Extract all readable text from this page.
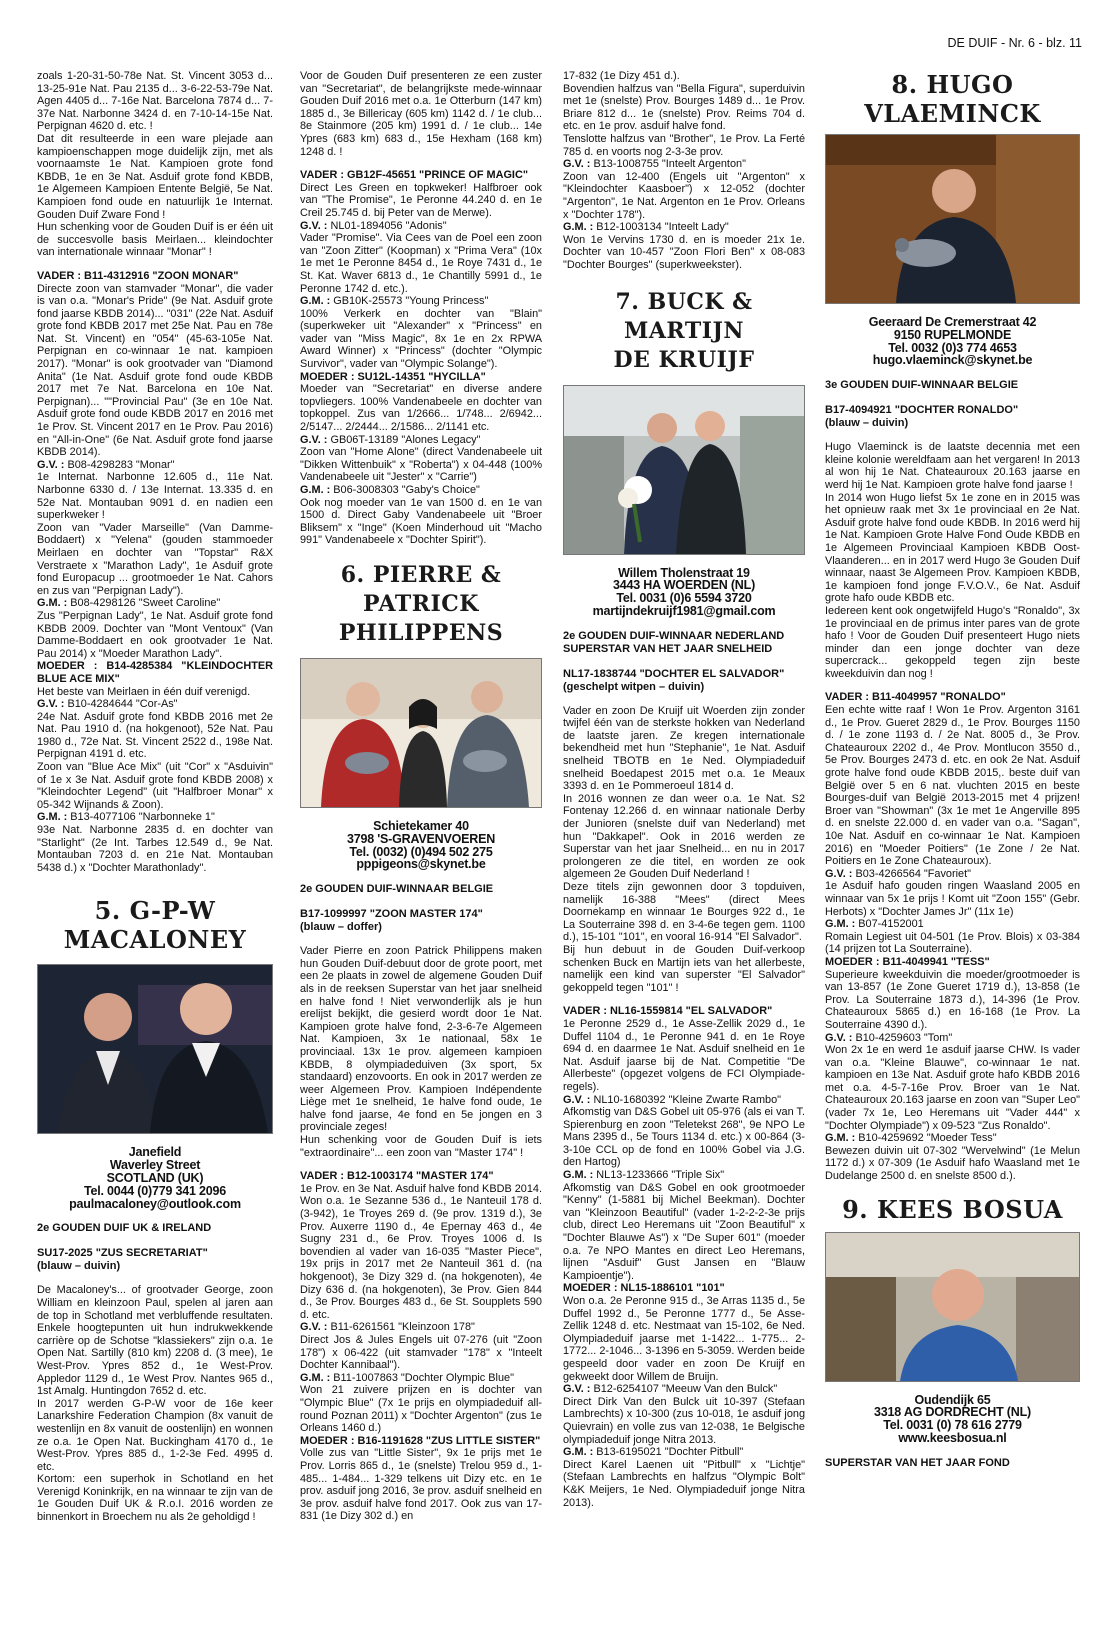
DE DUIF - Nr. 6 - blz. 11

zoals 1-20-31-50-78e Nat. St. Vincent 3053 d... 13-25-91e Nat. Pau 2135 d... 3-6-22-53-79e Nat. Agen 4405 d... 7-16e Nat. Barcelona 7874 d... 7-37e Nat. Narbonne 3424 d. en 7-10-14-15e Nat. Perpignan 4620 d. etc. !

Dat dit resulteerde in een ware plejade aan kampioenschappen moge duidelijk zijn, met als voornaamste 1e Nat. Kampioen grote fond KBDB, 1e en 3e Nat. Asduif grote fond KBDB, 1e Algemeen Kampioen Entente België, 5e Nat. Kampioen fond oude en natuurlijk 1e Internat. Gouden Duif Zware Fond !

Hun schenking voor de Gouden Duif is er één uit de succesvolle basis Meirlaen... kleindochter van internationale winnaar "Monar" !

VADER : B11-4312916 "ZOON MONAR"

Directe zoon van stamvader "Monar", die vader is van o.a. "Monar's Pride" (9e Nat. Asduif grote fond jaarse KBDB 2014)... "031" (22e Nat. Asduif grote fond KBDB 2017 met 25e Nat. Pau en 78e Nat. St. Vincent) en "054" (45-63-105e Nat. Perpignan en co-winnaar 1e nat. kampioen 2017). "Monar" is ook grootvader van "Diamond Anita" (1e Nat. Asduif grote fond oude KBDB 2017 met 7e Nat. Barcelona en 10e Nat. Perpignan)... ""Provincial Pau" (3e en 10e Nat. Asduif grote fond oude KBDB 2017 en 2016 met 1e Prov. St. Vincent 2017 en 1e Prov. Pau 2016) en "All-in-One" (6e Nat. Asduif grote fond jaarse KBDB 2014).

G.V. : B08-4298283 "Monar"

1e Internat. Narbonne 12.605 d., 11e Nat. Narbonne 6330 d. / 13e Internat. 13.335 d. en 52e Nat. Montauban 9091 d. en nadien een superkweker !

Zoon van "Vader Marseille" (Van Damme-Boddaert) x "Yelena" (gouden stammoeder Meirlaen en dochter van "Topstar" R&X Verstraete x "Marathon Lady", 1e Asduif grote fond Europacup ... grootmoeder 1e Nat. Cahors en zus van "Perpignan Lady").

G.M. : B08-4298126 "Sweet Caroline"

Zus "Perpignan Lady", 1e Nat. Asduif grote fond KBDB 2009. Dochter van "Mont Ventoux" (Van Damme-Boddaert en ook grootvader 1e Nat. Pau 2014) x "Moeder Marathon Lady".

MOEDER : B14-4285384 "KLEINDOCHTER BLUE ACE MIX"

Het beste van Meirlaen in één duif verenigd.

G.V. : B10-4284644 "Cor-As"

24e Nat. Asduif grote fond KBDB 2016 met 2e Nat. Pau 1910 d. (na hokgenoot), 52e Nat. Pau 1980 d., 72e Nat. St. Vincent 2522 d., 198e Nat. Perpignan 4191 d. etc.

Zoon van "Blue Ace Mix" (uit "Cor" x "Asduivin" of 1e x 3e Nat. Asduif grote fond KBDB 2008) x "Kleindochter Legend" (uit "Halfbroer Monar" x 05-342 Wijnands & Zoon).

G.M. : B13-4077106 "Narbonneke 1"

93e Nat. Narbonne 2835 d. en dochter van "Starlight" (2e Int. Tarbes 12.549 d., 9e Nat. Montauban 7203 d. en 21e Nat. Montauban 5438 d.) x "Dochter Marathonlady".

5. G-P-W
MACALONEY

Janefield
Waverley Street
SCOTLAND (UK)
Tel. 0044 (0)779 341 2096
paulmacaloney@outlook.com

2e GOUDEN DUIF UK & IRELAND

SU17-2025 "ZUS SECRETARIAT"

(blauw – duivin)

De Macaloney's... of grootvader George, zoon William en kleinzoon Paul, spelen al jaren aan de top in Schotland met verbluffende resultaten. Enkele hoogtepunten uit hun indrukwekkende carrière op de Schotse "klassiekers" zijn o.a. 1e Open Nat. Sartilly (810 km) 2208 d. (3 mee), 1e West-Prov. Ypres 852 d., 1e West-Prov. Appledor 1129 d., 1e West Prov. Nantes 965 d., 1st Amalg. Huntingdon 7652 d. etc.

In 2017 werden G-P-W voor de 16e keer Lanarkshire Federation Champion (8x vanuit de westenlijn en 8x vanuit de oostenlijn) en wonnen ze o.a. 1e Open Nat. Buckingham 4170 d., 1e West-Prov. Ypres 885 d., 1-2-3e Fed. 4995 d. etc.

Kortom: een superhok in Schotland en het Verenigd Koninkrijk, en na winnaar te zijn van de 1e Gouden Duif UK & R.o.I. 2016 worden ze binnenkort in Broechem nu als 2e geholdigd !

Voor de Gouden Duif presenteren ze een zuster van "Secretariat", de belangrijkste mede-winnaar Gouden Duif 2016 met o.a. 1e Otterburn (147 km) 1885 d., 3e Billericay (605 km) 1142 d. / 1e club... 8e Stainmore (205 km) 1991 d. / 1e club... 14e Ypres (683 km) 683 d., 15e Hexham (168 km) 1248 d. !

VADER : GB12F-45651 "PRINCE OF MAGIC"

Direct Les Green en topkweker! Halfbroer ook van "The Promise", 1e Peronne 44.240 d. en 1e Creil 25.745 d. bij Peter van de Merwe).

G.V. : NL01-1894056 "Adonis"

Vader "Promise". Via Cees van de Poel een zoon van "Zoon Zitter" (Koopman) x "Prima Vera" (10x 1e met 1e Peronne 8454 d., 1e Roye 7431 d., 1e St. Kat. Waver 6813 d., 1e Chantilly 5991 d., 1e Peronne 1742 d. etc.).

G.M. : GB10K-25573 "Young Princess"

100% Verkerk en dochter van "Blain" (superkweker uit "Alexander" x "Princess" en vader van "Miss Magic", 8x 1e en 2x RPWA Award Winner) x "Princess" (dochter "Olympic Survivor", vader van "Olympic Solange").

MOEDER : SU12L-14351 "HYCILLA"

Moeder van "Secretariat" en diverse andere topvliegers. 100% Vandenabeele en dochter van topkoppel. Zus van 1/2666... 1/748... 2/6942... 2/5147... 2/2444... 2/1586... 2/1141 etc.

G.V. : GB06T-13189 "Alones Legacy"

Zoon van "Home Alone" (direct Vandenabeele uit "Dikken Wittenbuik" x "Roberta") x 04-448 (100% Vandenabeele uit "Jester" x "Carrie")

G.M. : B06-3008303 "Gaby's Choice"

Ook nog moeder van 1e van 1500 d. en 1e van 1500 d. Direct Gaby Vandenabeele uit "Broer Bliksem" x "Inge" (Koen Minderhoud uit "Macho 991" Vandenabeele x "Dochter Spirit").

6. PIERRE & PATRICK
PHILIPPENS

Schietekamer 40
3798 'S-GRAVENVOEREN
Tel. (0032) (0)494 502 275
pppigeons@skynet.be

2e GOUDEN DUIF-WINNAAR BELGIE

B17-1099997 "ZOON MASTER 174"

(blauw – doffer)

Vader Pierre en zoon Patrick Philippens maken hun Gouden Duif-debuut door de grote poort, met een 2e plaats in zowel de algemene Gouden Duif als in de reeksen Superstar van het jaar snelheid en halve fond ! Niet verwonderlijk als je hun erelijst bekijkt, die gesierd wordt door 1e Nat. Kampioen grote halve fond, 2-3-6-7e Algemeen Nat. Kampioen, 3x 1e nationaal, 58x 1e provinciaal. 13x 1e prov. algemeen kampioen KBDB, 8 olympiadeduiven (3x sport, 5x standaard) enzovoorts. En ook in 2017 werden ze weer Algemeen Prov. Kampioen Indépendente Liège met 1e snelheid, 1e halve fond oude, 1e halve fond jaarse, 4e fond en 5e jongen en 3 provinciale zeges!

Hun schenking voor de Gouden Duif is iets "extraordinaire"... een zoon van "Master 174" !

VADER : B12-1003174 "MASTER 174"

1e Prov. en 3e Nat. Asduif halve fond KBDB 2014. Won o.a. 1e Sezanne 536 d., 1e Nanteuil 178 d. (3-942), 1e Troyes 269 d. (9e prov. 1319 d.), 3e Prov. Auxerre 1190 d., 4e Epernay 463 d., 4e Sugny 231 d., 6e Prov. Troyes 1006 d. Is bovendien al vader van 16-035 "Master Piece", 19x prijs in 2017 met 2e Nanteuil 361 d. (na hokgenoot), 3e Dizy 329 d. (na hokgenoten), 4e Dizy 636 d. (na hokgenoten), 3e Prov. Gien 844 d., 3e Prov. Bourges 483 d., 6e St. Soupplets 590 d. etc.

G.V. : B11-6261561 "Kleinzoon 178"

Direct Jos & Jules Engels uit 07-276 (uit "Zoon 178") x 06-422 (uit stamvader "178" x "Inteelt Dochter Kannibaal").

G.M. : B11-1007863 "Dochter Olympic Blue"

Won 21 zuivere prijzen en is dochter van "Olympic Blue" (7x 1e prijs en olympiadeduif all-round Poznan 2011) x "Dochter Argenton" (zus 1e Orleans 1460 d.)

MOEDER : B16-1191628 "ZUS LITTLE SISTER"

Volle zus van "Little Sister", 9x 1e prijs met 1e Prov. Lorris 865 d., 1e (snelste) Trelou 959 d., 1-485... 1-484... 1-329 telkens uit Dizy etc. en 1e prov. asduif jong 2016, 3e prov. asduif snelheid en 3e prov. asduif halve fond 2017. Ook zus van 17-831 (1e Dizy 302 d.) en

17-832 (1e Dizy 451 d.).

Bovendien halfzus van "Bella Figura", superduivin met 1e (snelste) Prov. Bourges 1489 d... 1e Prov. Briare 812 d... 1e (snelste) Prov. Reims 704 d. etc. en 1e prov. asduif halve fond.

Tenslotte halfzus van "Brother", 1e Prov. La Ferté 785 d. en voorts nog 2-3-3e prov.

G.V. : B13-1008755 "Inteelt Argenton"

Zoon van 12-400 (Engels uit "Argenton" x "Kleindochter Kaasboer") x 12-052 (dochter "Argenton", 1e Nat. Argenton en 1e Prov. Orleans x "Dochter 178").

G.M. : B12-1003134 "Inteelt Lady"

Won 1e Vervins 1730 d. en is moeder 21x 1e. Dochter van 10-457 "Zoon Flori Ben" x 08-083 "Dochter Bourges" (superkweekster).

7. BUCK & MARTIJN
DE KRUIJF

Willem Tholenstraat 19
3443 HA WOERDEN (NL)
Tel. 0031 (0)6 5594 3720
martijndekruijf1981@gmail.com

2e GOUDEN DUIF-WINNAAR NEDERLAND
SUPERSTAR VAN HET JAAR SNELHEID

NL17-1838744 "DOCHTER EL SALVADOR"

(geschelpt witpen – duivin)

Vader en zoon De Kruijf uit Woerden zijn zonder twijfel één van de sterkste hokken van Nederland de laatste jaren. Ze kregen internationale bekendheid met hun "Stephanie", 1e Nat. Asduif snelheid TBOTB en 1e Ned. Olympiadeduif snelheid Boedapest 2015 met o.a. 1e Meaux 3393 d. en 1e Pommeroeul 1814 d.

In 2016 wonnen ze dan weer o.a. 1e Nat. S2 Fontenay 12.266 d. en winnaar nationale Derby der Junioren (snelste duif van Nederland) met hun "Dakkapel". Ook in 2016 werden ze Superstar van het jaar Snelheid... en nu in 2017 prolongeren ze die titel, en worden ze ook algemeen 2e Gouden Duif Nederland !

Deze titels zijn gewonnen door 3 topduiven, namelijk 16-388 "Mees" (direct Mees Doornekamp en winnaar 1e Bourges 922 d., 1e La Souterraine 398 d. en 3-4-6e tegen gem. 1100 d.), 15-101 "101", en vooral 16-914 "El Salvador".

Bij hun debuut in de Gouden Duif-verkoop schenken Buck en Martijn iets van het allerbeste, namelijk een kind van superster "El Salvador" gekoppeld tegen "101" !

VADER : NL16-1559814 "EL SALVADOR"

1e Peronne 2529 d., 1e Asse-Zellik 2029 d., 1e Duffel 1104 d., 1e Peronne 941 d. en 1e Roye 694 d. en daarmee 1e Nat. Asduif snelheid en 1e Nat. Asduif jaarse bij de Nat. Competitie "De Allerbeste" (opgezet volgens de FCI Olympiade-regels).

G.V. : NL10-1680392 "Kleine Zwarte Rambo"

Afkomstig van D&S Gobel uit 05-976 (als ei van T. Spierenburg en zoon "Teletekst 268", 9e NPO Le Mans 2395 d., 5e Tours 1134 d. etc.) x 00-864 (3-3-10e CCL op de fond en 100% Gobel via J.G. den Hartog)

G.M. : NL13-1233666 "Triple Six"

Afkomstig van D&S Gobel en ook grootmoeder "Kenny" (1-5881 bij Michel Beekman). Dochter van "Kleinzoon Beautiful" (vader 1-2-2-2-3e prijs club, direct Leo Heremans uit "Zoon Beautiful" x "Dochter Blauwe As") x "De Super 601" (moeder o.a. 7e NPO Mantes en direct Leo Heremans, lijnen "Asduif" Gust Jansen en "Blauw Kampioentje").

MOEDER : NL15-1886101 "101"

Won o.a. 2e Peronne 915 d., 3e Arras 1135 d., 5e Duffel 1992 d., 5e Peronne 1777 d., 5e Asse-Zellik 1248 d. etc. Nestmaat van 15-102, 6e Ned. Olympiadeduif jaarse met 1-1422... 1-775... 2-1772... 2-1046... 3-1396 en 5-3059. Werden beide gespeeld door vader en zoon De Kruijf en gekweekt door Willem de Bruijn.

G.V. : B12-6254107 "Meeuw Van den Bulck"

Direct Dirk Van den Bulck uit 10-397 (Stefaan Lambrechts) x 10-300 (zus 10-018, 1e asduif jong Quievrain) en volle zus van 12-038, 1e Belgische olympiadeduif jonge Nitra 2013.

G.M. : B13-6195021 "Dochter Pitbull"

Direct Karel Laenen uit "Pitbull" x "Lichtje" (Stefaan Lambrechts en halfzus "Olympic Bolt" K&K Meijers, 1e Ned. Olympiadeduif jonge Nitra 2013).

8. HUGO
VLAEMINCK

Geeraard De Cremerstraat 42
9150 RUPELMONDE
Tel. 0032 (0)3 774 4653
hugo.vlaeminck@skynet.be

3e GOUDEN DUIF-WINNAAR BELGIE

B17-4094921 "DOCHTER RONALDO"

(blauw – duivin)

Hugo Vlaeminck is de laatste decennia met een kleine kolonie wereldfaam aan het vergaren! In 2013 al won hij 1e Nat. Chateauroux 20.163 jaarse en werd hij 1e Nat. Kampioen grote halve fond jaarse !

In 2014 won Hugo liefst 5x 1e zone en in 2015 was het opnieuw raak met 3x 1e provinciaal en 2e Nat. Asduif grote halve fond oude KBDB. In 2016 werd hij 1e Nat. Kampioen Grote Halve Fond Oude KBDB en 1e Algemeen Provinciaal Kampioen KBDB Oost-Vlaanderen... en in 2017 werd Hugo 3e Gouden Duif winnaar, naast 3e Algemeen Prov. Kampioen KBDB, 1e kampioen fond jonge F.V.O.V., 6e Nat. Asduif grote hafo oude KBDB etc.

Iedereen kent ook ongetwijfeld Hugo's "Ronaldo", 3x 1e provinciaal en de primus inter pares van de grote hafo ! Voor de Gouden Duif presenteert Hugo niets minder dan een jonge dochter van deze supercrack... gekoppeld tegen zijn beste kweekduivin dan nog !

VADER : B11-4049957 "RONALDO"

Een echte witte raaf ! Won 1e Prov. Argenton 3161 d., 1e Prov. Gueret 2829 d., 1e Prov. Bourges 1150 d. / 1e zone 1193 d. / 2e Nat. 8005 d., 3e Prov. Chateauroux 2202 d., 4e Prov. Montlucon 3550 d., 5e Prov. Bourges 2473 d. etc. en ook 2e Nat. Asduif grote halve fond oude KBDB 2015,. beste duif van België over 5 en 6 nat. vluchten 2015 en beste Bourges-duif van België 2013-2015 met 4 prijzen! Broer van "Showman" (3x 1e met 1e Angerville 895 d. en snelste 22.000 d. en vader van o.a. "Sagan", 10e Nat. Asduif en co-winnaar 1e Nat. Kampioen 2016) en "Moeder Poitiers" (1e Zone / 2e Nat. Poitiers en 1e Zone Chateauroux).

G.V. : B03-4266564 "Favoriet"

1e Asduif hafo gouden ringen Waasland 2005 en winnaar van 5x 1e prijs ! Komt uit "Zoon 155" (Gebr. Herbots) x "Dochter James Jr" (11x 1e)

G.M. : B07-4152001

Romain Legiest uit 04-501 (1e Prov. Blois) x 03-384 (14 prijzen tot La Souterraine).

MOEDER : B11-4049941 "TESS"

Superieure kweekduivin die moeder/grootmoeder is van 13-857 (1e Zone Gueret 1719 d.), 13-858 (1e Prov. La Souterraine 1873 d.), 14-396 (1e Prov. Chateauroux 5865 d.) en 16-168 (1e Prov. La Souterraine 4390 d.).

G.V. : B10-4259603 "Tom"

Won 2x 1e en werd 1e asduif jaarse CHW. Is vader van o.a. "Kleine Blauwe", co-winnaar 1e nat. kampioen en 13e Nat. Asduif grote hafo KBDB 2016 met o.a. 4-5-7-16e Prov. Broer van 1e Nat. Chateauroux 20.163 jaarse en zoon van "Super Leo" (vader 7x 1e, Leo Heremans uit "Vader 444" x "Dochter Olympiade") x 09-523 "Zus Ronaldo".

G.M. : B10-4259692 "Moeder Tess"

Bewezen duivin uit 07-302 "Wervelwind" (1e Melun 1172 d.) x 07-309 (1e Asduif hafo Waasland met 1e Dudelange 2500 d. en snelste 8500 d.).

9. KEES BOSUA

Oudendijk 65
3318 AG DORDRECHT (NL)
Tel. 0031 (0) 78 616 2779
www.keesbosua.nl

SUPERSTAR VAN HET JAAR FOND
